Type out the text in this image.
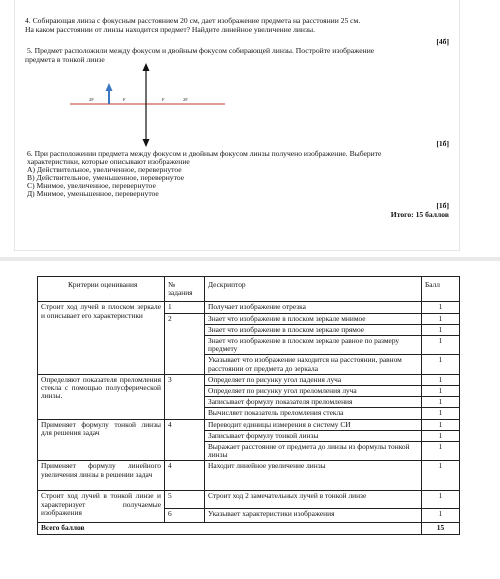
4. Собирающая линза с фокусным расстоянием 20 см, дает изображение предмета на расстоянии 25 см.
На каком расстоянии от линзы находится предмет? Найдите линейное увеличение линзы.
[4б]
5. Предмет расположили между фокусом и двойным фокусом собирающей линзы. Постройте изображение
предмета в тонкой линзе
2F	F	F	2F
[1б]
6. При расположении предмета между фокусом и двойным фокусом линзы получено изображение. Выберите
характеристики, которые описывают изображение
А) Действительное, увеличенное, перевернутое
В) Действительное, уменьшенное, перевернутое
С) Мнимое, увеличенное, перевернутое
Д) Мнимое, уменьшенное, перевернутое
[1б]
Итого: 15 баллов
Критерии оценивания	№ задания	Дескриптор	Балл
Строит ход лучей в плоском зеркале и описывает его характеристики	1	Получает изображение отрезка	1
	2	Знает что изображение в плоском зеркале мнимое	1
		Знает что изображение в плоском зеркале прямое	1
		Знает что изображение в плоском зеркале равное по размеру предмету	1
		Указывает что изображение находится на расстоянии, равном расстоянии от предмета до зеркала	1
Определяют показателя преломления стекла с помощью полусферической линзы.	3	Определяет по рисунку угол падения луча	1
		Определяет по рисунку угол преломления луча	1
		Записывает формулу показателя преломления	1
		Вычисляет показатель преломления стекла	1
Применяет формулу тонкой линзы для решения задач	4	Переводит единицы измерения в систему СИ	1
		Записывает формулу тонкой линзы	1
		Выражает расстояние от предмета до линзы из формулы тонкой линзы	1
Применяет формулу линейного увеличения линзы в решении задач	4	Находит линейное увеличение линзы	1
Строит ход лучей в тонкой линзе и характеризует получаемые изображения	5	Строит ход 2 замечательных лучей в тонкой линзе	1
	6	Указывает характеристики изображения	1
Всего баллов			15
